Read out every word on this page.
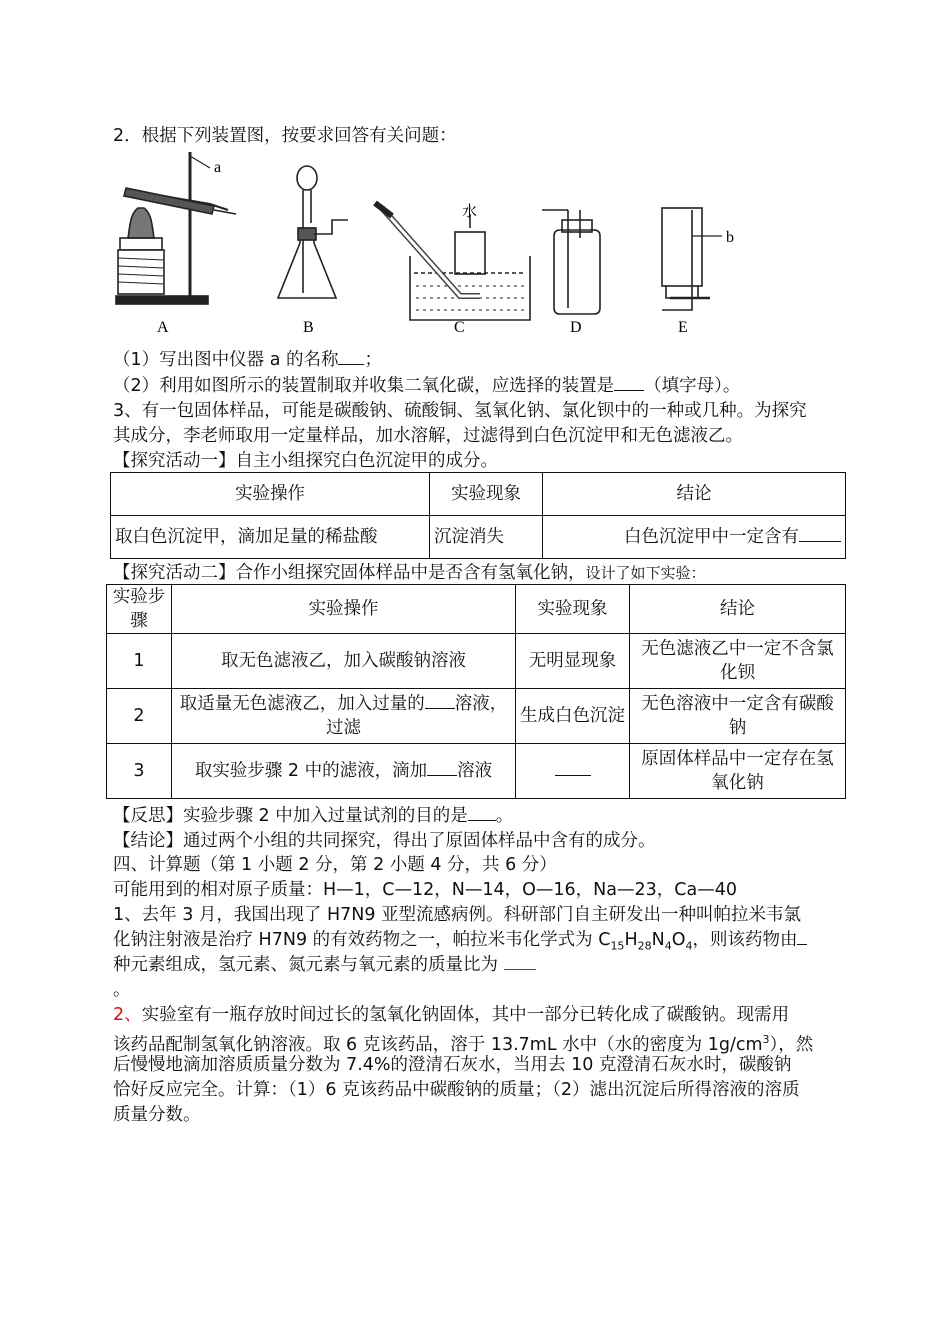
2．根据下列装置图，按要求回答有关问题：
a
b
水
A	B	C	D	E
（1）写出图中仪器 a 的名称 ；
（2）利用如图所示的装置制取并收集二氧化碳，应选择的装置是 （填字母）。
3、有一包固体样品，可能是碳酸钠、硫酸铜、氢氧化钠、氯化钡中的一种或几种。为探究
其成分，李老师取用一定量样品，加水溶解，过滤得到白色沉淀甲和无色滤液乙。
【探究活动一】自主小组探究白色沉淀甲的成分。
实验操作	实验现象	结论
取白色沉淀甲，滴加足量的稀盐酸	沉淀消失	白色沉淀甲中一定含有
【探究活动二】合作小组探究固体样品中是否含有氢氧化钠，设计了如下实验：
实验步骤	实验操作	实验现象	结论
1	取无色滤液乙，加入碳酸钠溶液	无明显现象	无色滤液乙中一定不含氯化钡
2	取适量无色滤液乙，加入过量的 溶液，过滤	生成白色沉淀	无色溶液中一定含有碳酸钠
3	取实验步骤 2 中的滤液，滴加 溶液		原固体样品中一定存在氢氧化钠
【反思】实验步骤 2 中加入过量试剂的目的是 。
【结论】通过两个小组的共同探究，得出了原固体样品中含有的成分。
四、计算题（第 1 小题 2 分，第 2 小题 4 分，共 6 分）
可能用到的相对原子质量：H—1，C—12，N—14，O—16，Na—23，Ca—40
1、去年 3 月，我国出现了 H7N9 亚型流感病例。科研部门自主研发出一种叫帕拉米韦氯
化钠注射液是治疗 H7N9 的有效药物之一，帕拉米韦化学式为 $C_{15}H_{28}N_4O_4$，则该药物由
种元素组成，氢元素、氮元素与氧元素的质量比为
。
2、实验室有一瓶存放时间过长的氢氧化钠固体，其中一部分已转化成了碳酸钠。现需用
该药品配制氢氧化钠溶液。取 6 克该药品，溶于 13.7mL 水中（水的密度为 $1g/cm^3$），然
后慢慢地滴加溶质质量分数为 7.4%的澄清石灰水，当用去 10 克澄清石灰水时，碳酸钠
恰好反应完全。计算：（1）6 克该药品中碳酸钠的质量；（2）滤出沉淀后所得溶液的溶质
质量分数。
